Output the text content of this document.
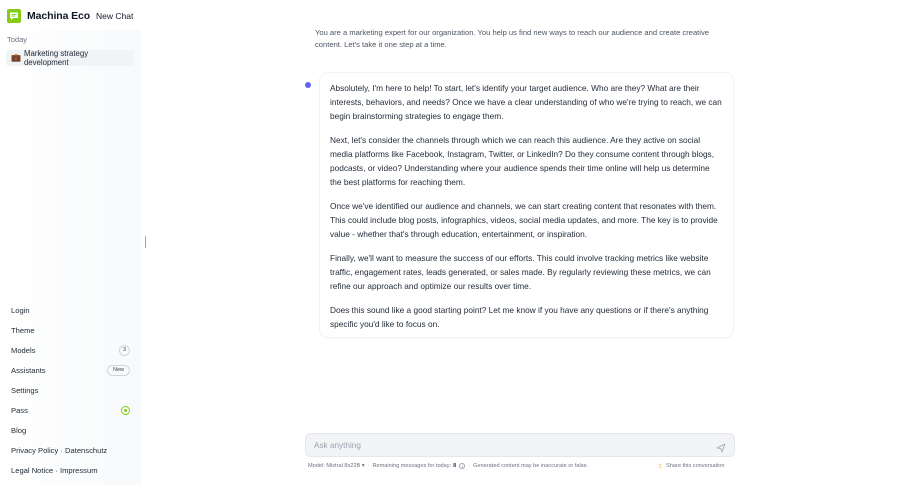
Machina Eco New Chat
Today
💼 Marketing strategy development
Login
Theme
Models	3
Assistants	New
Settings
Pass
Blog
Privacy Policy · Datenschutz
Legal Notice · Impressum
You are a marketing expert for our organization. You help us find new ways to reach our audience and create creative content. Let's take it one step at a time.

Absolutely, I'm here to help! To start, let's identify your target audience. Who are they? What are their interests, behaviors, and needs? Once we have a clear understanding of who we're trying to reach, we can begin brainstorming strategies to engage them.

Next, let's consider the channels through which we can reach this audience. Are they active on social media platforms like Facebook, Instagram, Twitter, or LinkedIn? Do they consume content through blogs, podcasts, or video? Understanding where your audience spends their time online will help us determine the best platforms for reaching them.

Once we've identified our audience and channels, we can start creating content that resonates with them. This could include blog posts, infographics, videos, social media updates, and more. The key is to provide value - whether that's through education, entertainment, or inspiration.

Finally, we'll want to measure the success of our efforts. This could involve tracking metrics like website traffic, engagement rates, leads generated, or sales made. By regularly reviewing these metrics, we can refine our approach and optimize our results over time.

Does this sound like a good starting point? Let me know if you have any questions or if there's anything specific you'd like to focus on.

Ask anything
Model: Mixtral 8x22B ▾ · Remaining messages for today: 8	i · Generated content may be inaccurate or false.	⇪ Share this conversation
